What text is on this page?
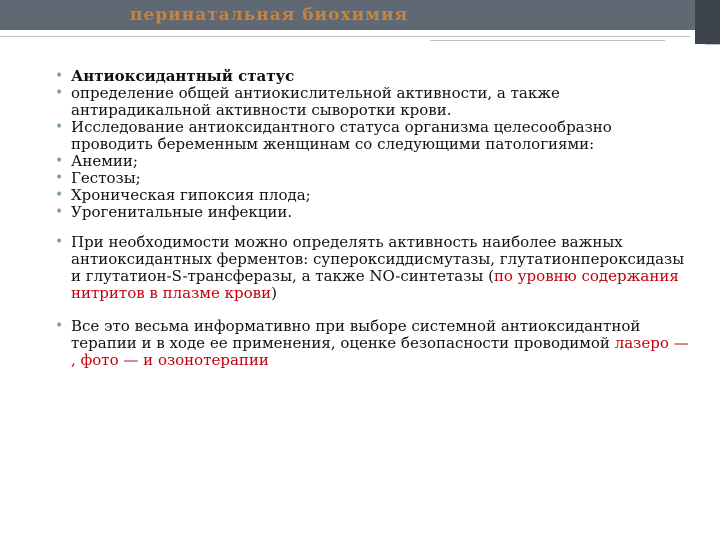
перинатальная биохимия
• Антиоксидантный статус
• определение общей антиокислительной активности, а также антирадикальной активности сыворотки крови.
• Исследование антиоксидантного статуса организма целесообразно проводить беременным женщинам со следующими патологиями:
• Анемии;
• Гестозы;
• Хроническая гипоксия плода;
• Урогенитальные инфекции.
• При необходимости можно определять активность наиболее важных антиоксидантных ферментов: супероксиддисмутазы, глутатионпероксидазы и глутатион-S-трансферазы, а также NO-синтетазы (по уровню содержания нитритов в плазме крови)
• Все это весьма информативно при выборе системной антиоксидантной терапии и в ходе ее применения, оценке безопасности проводимой лазеро — , фото — и озонотерапии
